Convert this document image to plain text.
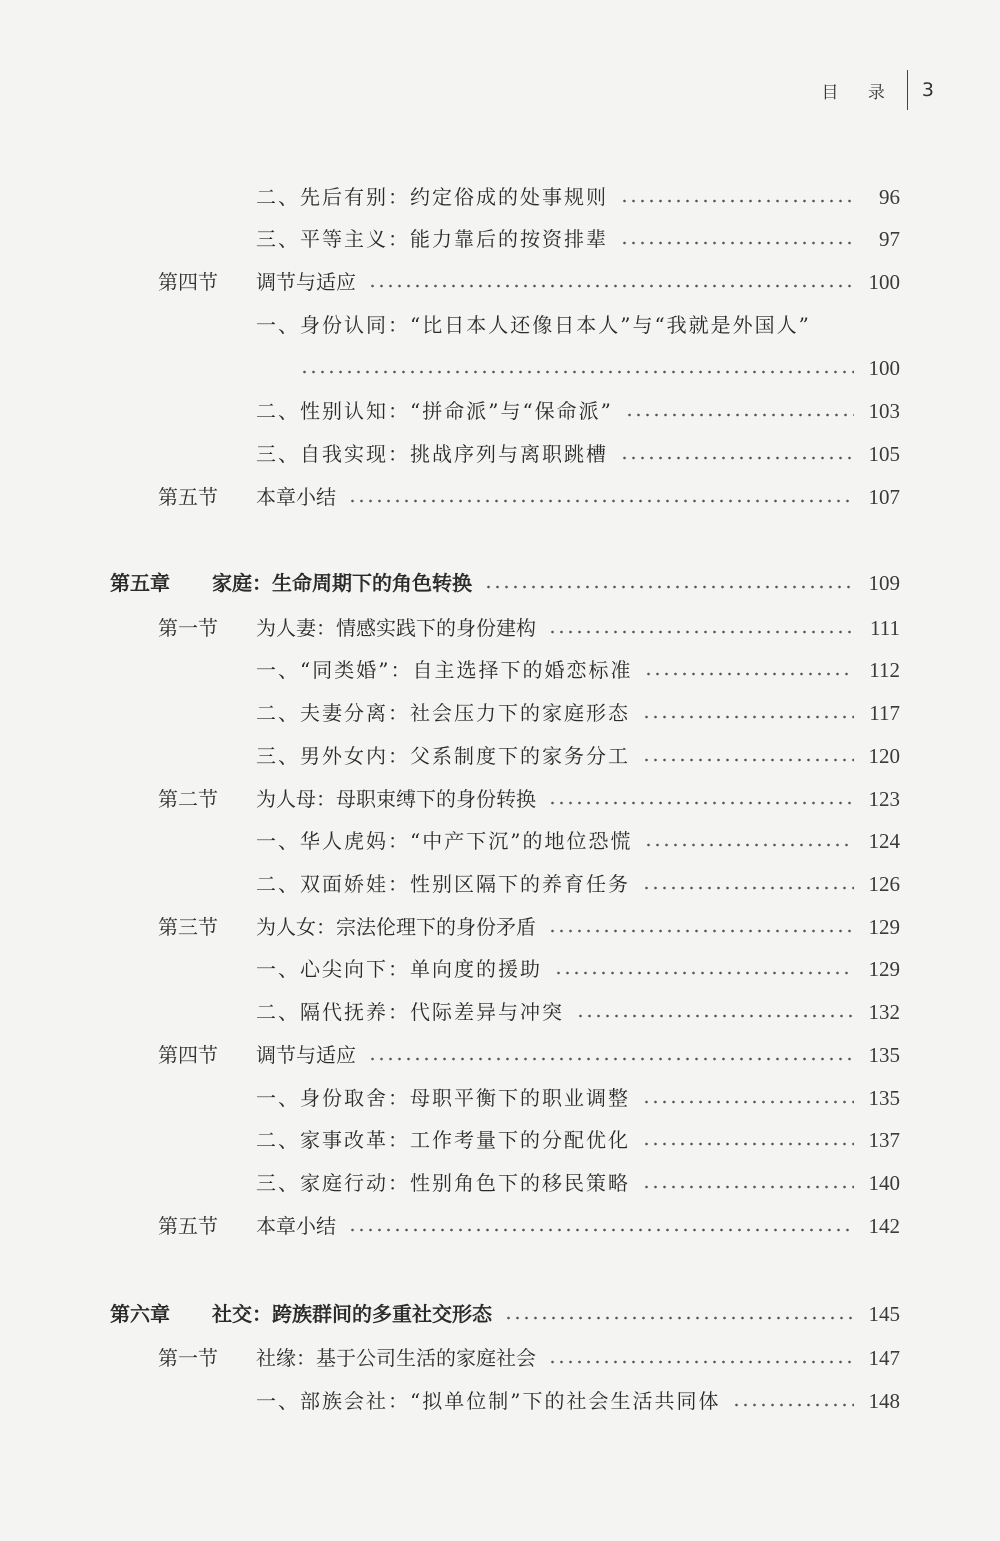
目 录 3
二、先后有别：约定俗成的处事规则	96
三、平等主义：能力靠后的按资排辈	97
第四节 调节与适应	100
一、身份认同：“比日本人还像日本人”与“我就是外国人”
100
二、性别认知：“拼命派”与“保命派”	103
三、自我实现：挑战序列与离职跳槽	105
第五节 本章小结	107
第五章 家庭：生命周期下的角色转换	109
第一节 为人妻：情感实践下的身份建构	111
一、“同类婚”：自主选择下的婚恋标准	112
二、夫妻分离：社会压力下的家庭形态	117
三、男外女内：父系制度下的家务分工	120
第二节 为人母：母职束缚下的身份转换	123
一、华人虎妈：“中产下沉”的地位恐慌	124
二、双面娇娃：性别区隔下的养育任务	126
第三节 为人女：宗法伦理下的身份矛盾	129
一、心尖向下：单向度的援助	129
二、隔代抚养：代际差异与冲突	132
第四节 调节与适应	135
一、身份取舍：母职平衡下的职业调整	135
二、家事改革：工作考量下的分配优化	137
三、家庭行动：性别角色下的移民策略	140
第五节 本章小结	142
第六章 社交：跨族群间的多重社交形态	145
第一节 社缘：基于公司生活的家庭社会	147
一、部族会社：“拟单位制”下的社会生活共同体	148
